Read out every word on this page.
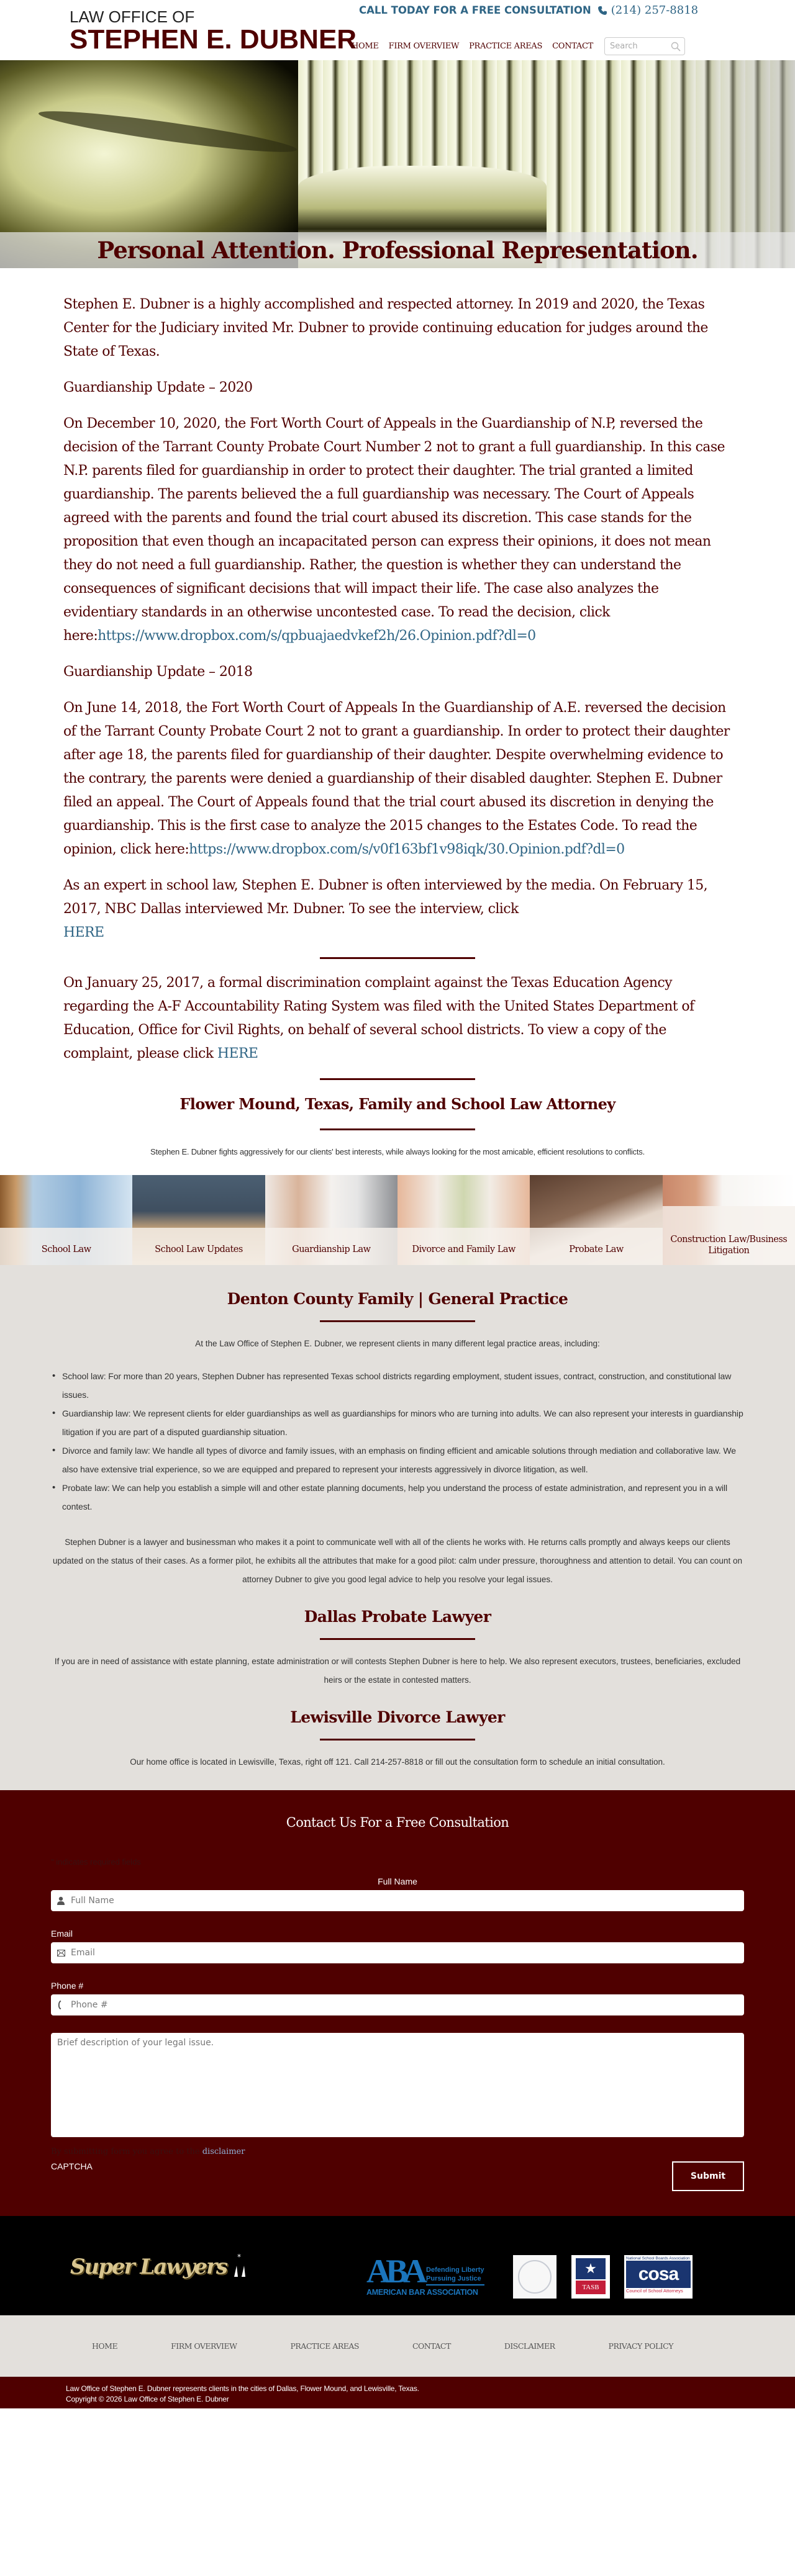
LAW OFFICE OF
STEPHEN E. DUBNER
CALL TODAY FOR A FREE CONSULTATION (214) 257-8818
HOME FIRM OVERVIEW PRACTICE AREAS CONTACT
Search
Personal Attention. Professional Representation.

Stephen E. Dubner is a highly accomplished and respected attorney. In 2019 and 2020, the Texas Center for the Judiciary invited Mr. Dubner to provide continuing education for judges around the State of Texas.

Guardianship Update – 2020

On December 10, 2020, the Fort Worth Court of Appeals in the Guardianship of N.P, reversed the decision of the Tarrant County Probate Court Number 2 not to grant a full guardianship. In this case N.P. parents filed for guardianship in order to protect their daughter. The trial granted a limited guardianship. The parents believed the a full guardianship was necessary. The Court of Appeals agreed with the parents and found the trial court abused its discretion. This case stands for the proposition that even though an incapacitated person can express their opinions, it does not mean they do not need a full guardianship. Rather, the question is whether they can understand the consequences of significant decisions that will impact their life. The case also analyzes the evidentiary standards in an otherwise uncontested case. To read the decision, click here:https://www.dropbox.com/s/qpbuajaedvkef2h/26.Opinion.pdf?dl=0

Guardianship Update – 2018

On June 14, 2018, the Fort Worth Court of Appeals In the Guardianship of A.E. reversed the decision of the Tarrant County Probate Court 2 not to grant a guardianship. In order to protect their daughter after age 18, the parents filed for guardianship of their daughter. Despite overwhelming evidence to the contrary, the parents were denied a guardianship of their disabled daughter. Stephen E. Dubner filed an appeal. The Court of Appeals found that the trial court abused its discretion in denying the guardianship. This is the first case to analyze the 2015 changes to the Estates Code. To read the opinion, click here:https://www.dropbox.com/s/v0f163bf1v98iqk/30.Opinion.pdf?dl=0

As an expert in school law, Stephen E. Dubner is often interviewed by the media. On February 15, 2017, NBC Dallas interviewed Mr. Dubner. To see the interview, click
HERE

On January 25, 2017, a formal discrimination complaint against the Texas Education Agency regarding the A-F Accountability Rating System was filed with the United States Department of Education, Office for Civil Rights, on behalf of several school districts. To view a copy of the complaint, please click HERE

Flower Mound, Texas, Family and School Law Attorney

Stephen E. Dubner fights aggressively for our clients' best interests, while always looking for the most amicable, efficient resolutions to conflicts.

School Law	School Law Updates	Guardianship Law	Divorce and Family Law	Probate Law
Construction Law/Business Litigation
Denton County Family | General Practice

At the Law Office of Stephen E. Dubner, we represent clients in many different legal practice areas, including:

• School law: For more than 20 years, Stephen Dubner has represented Texas school districts regarding employment, student issues, contract, construction, and constitutional law issues.
• Guardianship law: We represent clients for elder guardianships as well as guardianships for minors who are turning into adults. We can also represent your interests in guardianship litigation if you are part of a disputed guardianship situation.
• Divorce and family law: We handle all types of divorce and family issues, with an emphasis on finding efficient and amicable solutions through mediation and collaborative law. We also have extensive trial experience, so we are equipped and prepared to represent your interests aggressively in divorce litigation, as well.
• Probate law: We can help you establish a simple will and other estate planning documents, help you understand the process of estate administration, and represent you in a will contest.

Stephen Dubner is a lawyer and businessman who makes it a point to communicate well with all of the clients he works with. He returns calls promptly and always keeps our clients updated on the status of their cases. As a former pilot, he exhibits all the attributes that make for a good pilot: calm under pressure, thoroughness and attention to detail. You can count on attorney Dubner to give you good legal advice to help you resolve your legal issues.

Dallas Probate Lawyer

If you are in need of assistance with estate planning, estate administration or will contests Stephen Dubner is here to help. We also represent executors, trustees, beneficiaries, excluded heirs or the estate in contested matters.

Lewisville Divorce Lawyer

Our home office is located in Lewisville, Texas, right off 121. Call 214-257-8818 or fill out the consultation form to schedule an initial consultation.

Contact Us For a Free Consultation

" indicates required fields

Full Name
Full Name
Email
Email
Phone #
Phone #
Brief description of your legal issue.

By submitting form you agree to the disclaimer.

CAPTCHA
Submit
Super Lawyers *	ABA Defending Liberty
Pursuing Justice
AMERICAN BAR ASSOCIATION
★
TASB
National School Boards Association
cosa
Council of School Attorneys
HOME	FIRM OVERVIEW	PRACTICE AREAS	CONTACT	DISCLAIMER	PRIVACY POLICY
Law Office of Stephen E. Dubner represents clients in the cities of Dallas, Flower Mound, and Lewisville, Texas.
Copyright © 2026 Law Office of Stephen E. Dubner
